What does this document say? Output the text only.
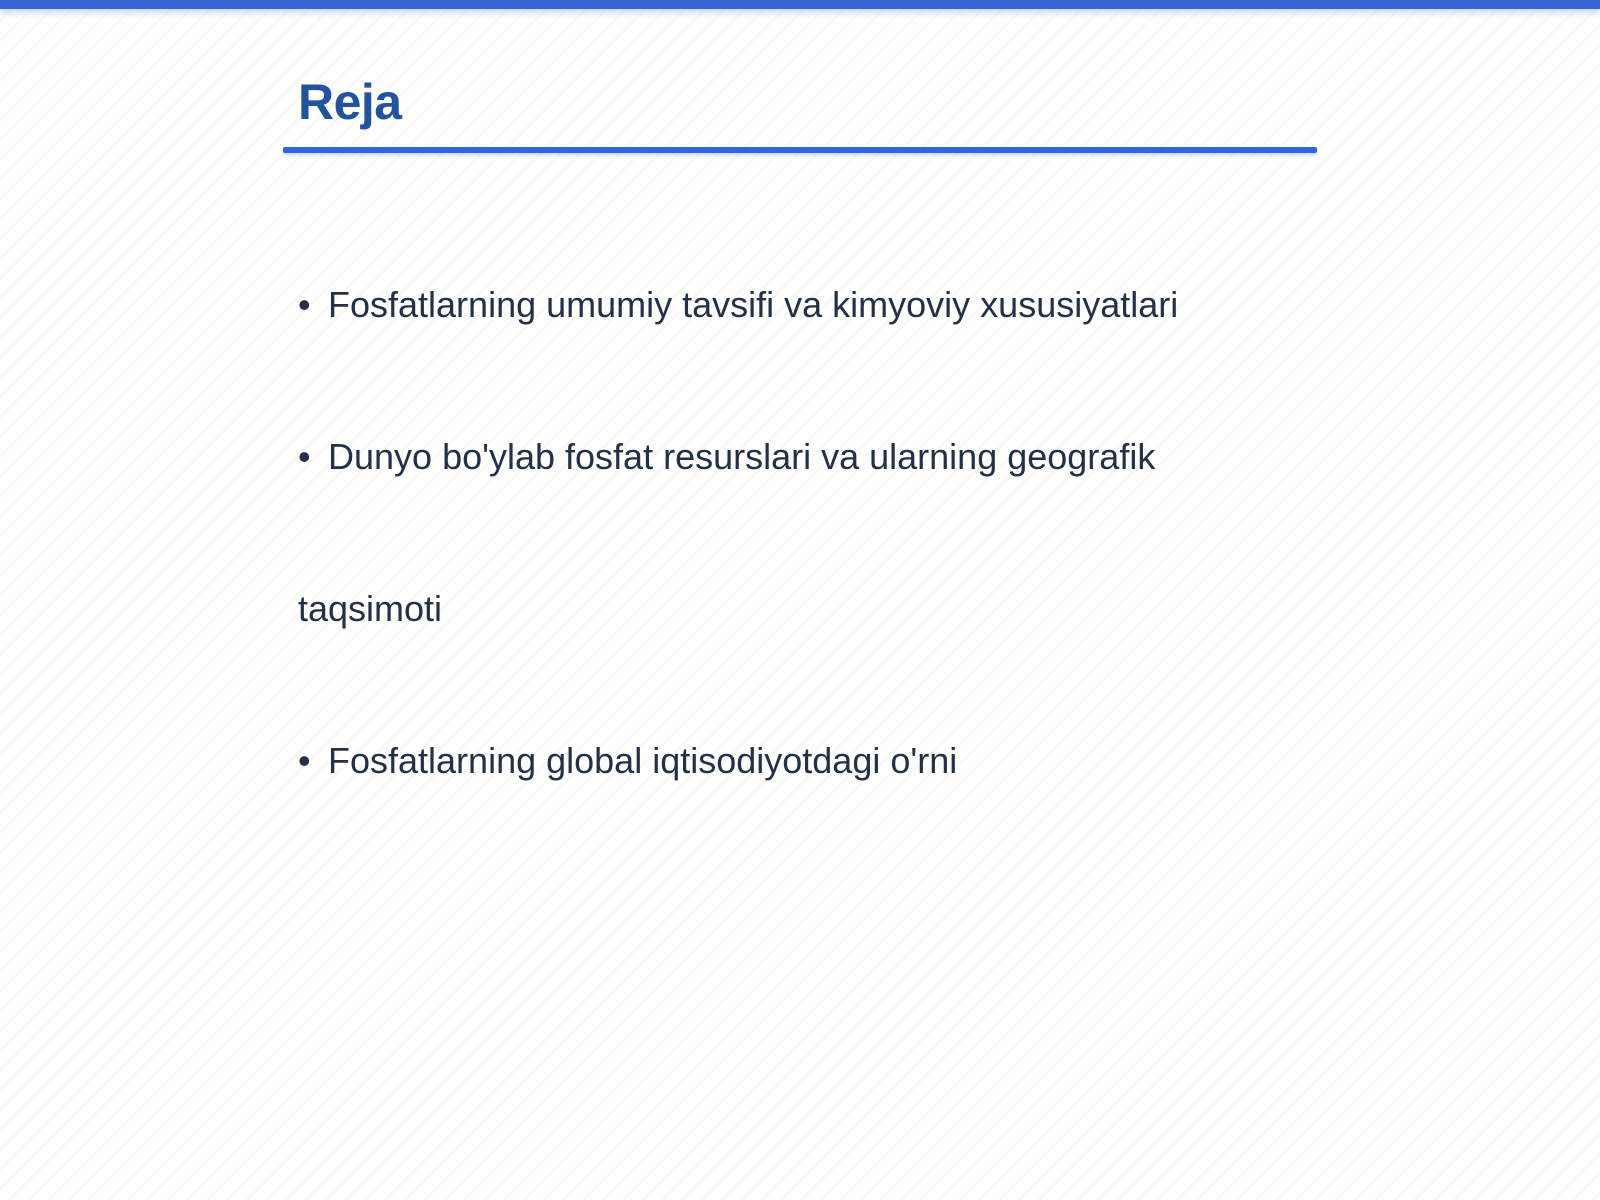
Reja

• Fosfatlarning umumiy tavsifi va kimyoviy xususiyatlari

• Dunyo bo'ylab fosfat resurslari va ularning geografik

taqsimoti

• Fosfatlarning global iqtisodiyotdagi o'rni
